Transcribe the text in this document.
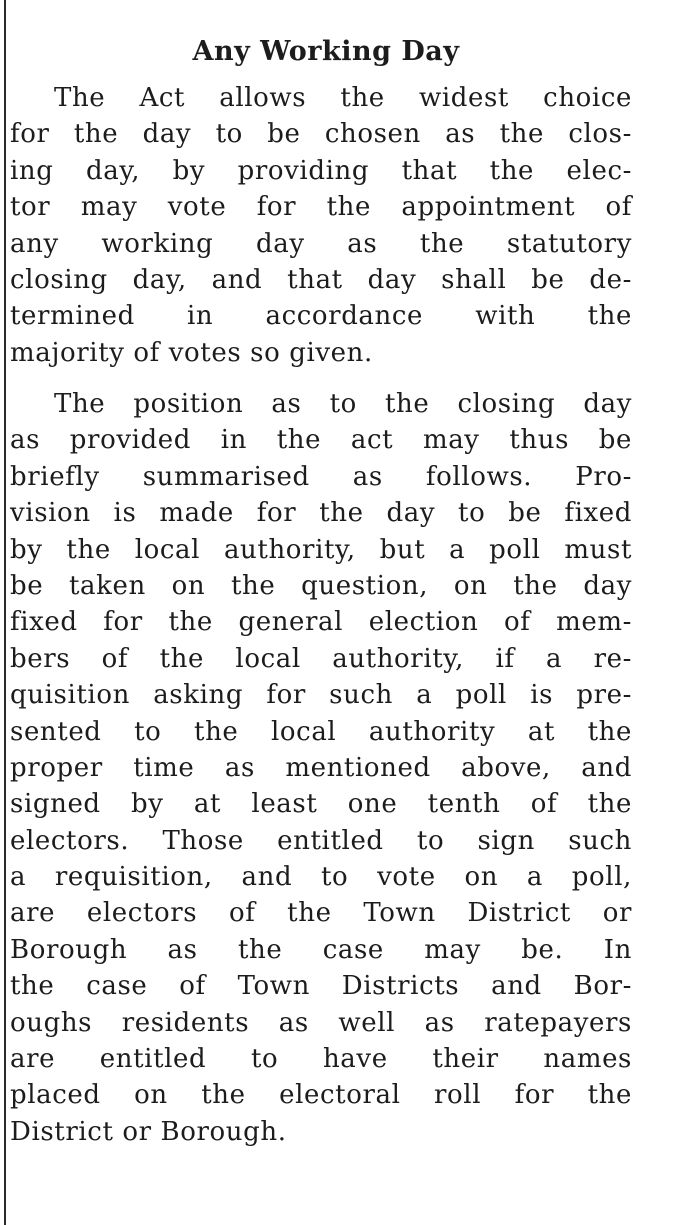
Any Working Day
The Act allows the widest choice
for the day to be chosen as the clos-
ing day, by providing that the elec-
tor may vote for the appointment of
any working day as the statutory
closing day, and that day shall be de-
termined in accordance with the
majority of votes so given.
The position as to the closing day
as provided in the act may thus be
briefly summarised as follows. Pro-
vision is made for the day to be fixed
by the local authority, but a poll must
be taken on the question, on the day
fixed for the general election of mem-
bers of the local authority, if a re-
quisition asking for such a poll is pre-
sented to the local authority at the
proper time as mentioned above, and
signed by at least one tenth of the
electors. Those entitled to sign such
a requisition, and to vote on a poll,
are electors of the Town District or
Borough as the case may be. In
the case of Town Districts and Bor-
oughs residents as well as ratepayers
are entitled to have their names
placed on the electoral roll for the
District or Borough.
